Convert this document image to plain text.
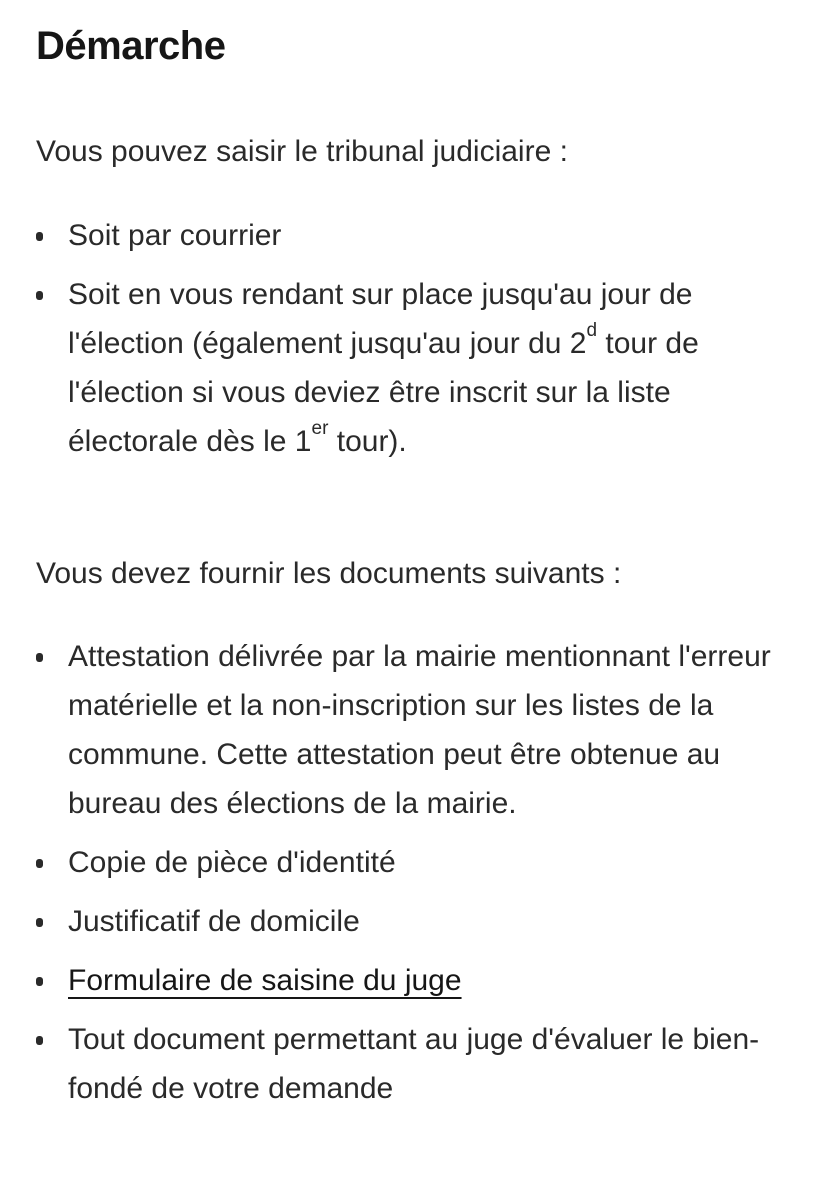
Démarche

Vous pouvez saisir le tribunal judiciaire :

Soit par courrier
Soit en vous rendant sur place jusqu'au jour de l'élection (également jusqu'au jour du 2$^d$ tour de l'élection si vous deviez être inscrit sur la liste électorale dès le 1er tour).

Vous devez fournir les documents suivants :

Attestation délivrée par la mairie mentionnant l'erreur matérielle et la non-inscription sur les listes de la commune. Cette attestation peut être obtenue au bureau des élections de la mairie.
Copie de pièce d'identité
Justificatif de domicile
Formulaire de saisine du juge
Tout document permettant au juge d'évaluer le bien-fondé de votre demande
